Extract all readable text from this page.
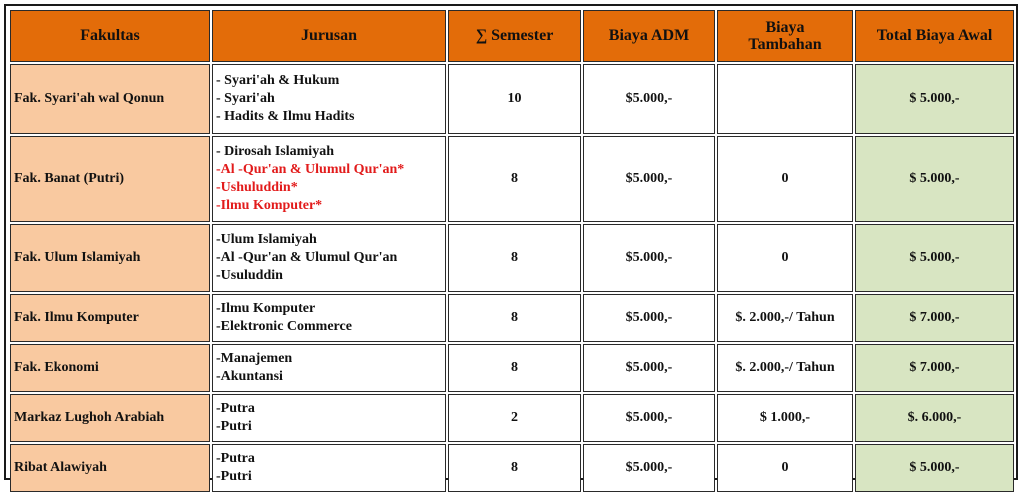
Fakultas	Jurusan	∑ Semester	Biaya ADM	Biaya
Tambahan	Total Biaya Awal
Fak. Syari'ah wal Qonun	- Syari'ah & Hukum
- Syari'ah
- Hadits & Ilmu Hadits	10	$5.000,-		$ 5.000,-
Fak. Banat (Putri)	- Dirosah Islamiyah
-Al -Qur'an & Ulumul Qur'an*
-Ushuluddin*
-Ilmu Komputer*	8	$5.000,-	0	$ 5.000,-
Fak. Ulum Islamiyah	-Ulum Islamiyah
-Al -Qur'an & Ulumul Qur'an
-Usuluddin	8	$5.000,-	0	$ 5.000,-
Fak. Ilmu Komputer	-Ilmu Komputer
-Elektronic Commerce	8	$5.000,-	$. 2.000,-/ Tahun	$ 7.000,-
Fak. Ekonomi	-Manajemen
-Akuntansi	8	$5.000,-	$. 2.000,-/ Tahun	$ 7.000,-
Markaz Lughoh Arabiah	-Putra
-Putri	2	$5.000,-	$ 1.000,-	$. 6.000,-
Ribat Alawiyah	-Putra
-Putri	8	$5.000,-	0	$ 5.000,-
